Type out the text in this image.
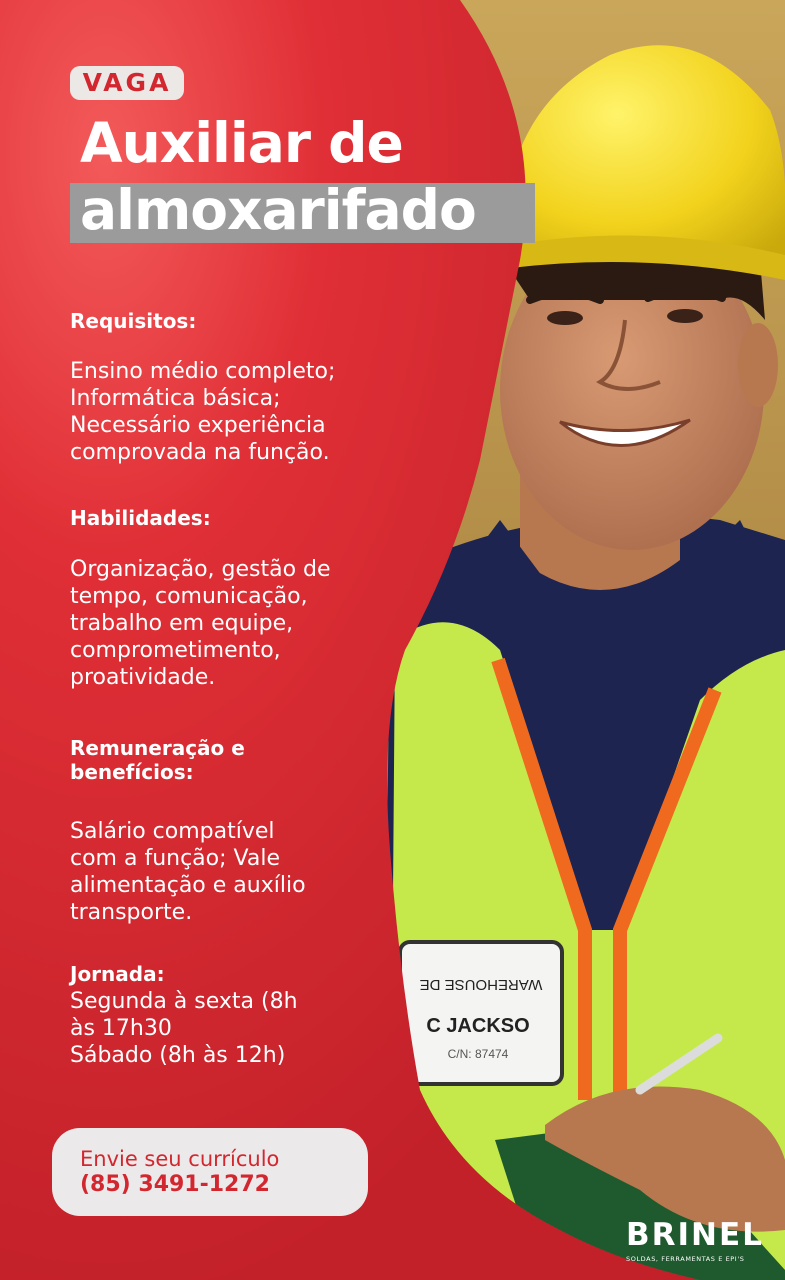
WAREHOUSE DE
C JACKSO
C/N: 87474
VAGA
Auxiliar de
almoxarifado
Requisitos:
Ensino médio completo;
Informática básica;
Necessário experiência
comprovada na função.
Habilidades:
Organização, gestão de
tempo, comunicação,
trabalho em equipe,
comprometimento,
proatividade.
Remuneração e
benefícios:
Salário compatível
com a função; Vale
alimentação e auxílio
transporte.
Jornada:
Segunda à sexta (8h
às 17h30
Sábado (8h às 12h)
Envie seu currículo
(85) 3491-1272
BRINEL
SOLDAS, FERRAMENTAS E EPI'S
